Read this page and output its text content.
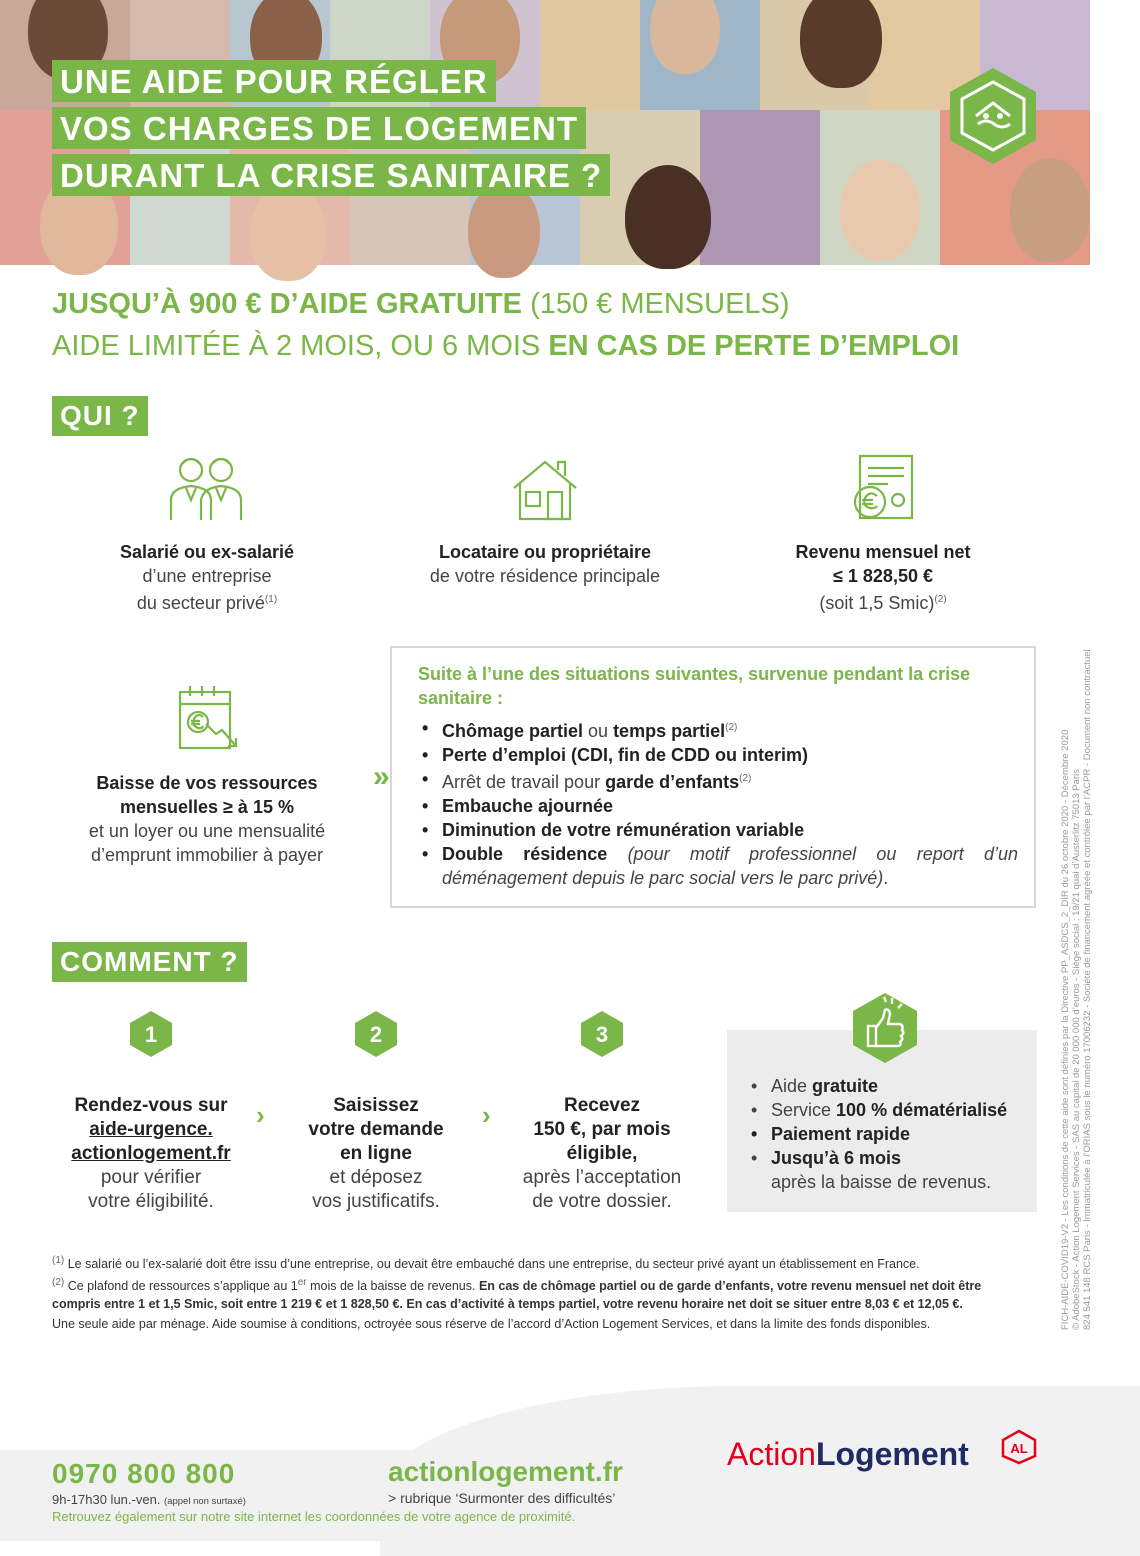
UNE AIDE POUR RÉGLER
VOS CHARGES DE LOGEMENT
DURANT LA CRISE SANITAIRE ?
JUSQU’À 900 € D’AIDE GRATUITE (150 € MENSUELS)
AIDE LIMITÉE À 2 MOIS, OU 6 MOIS EN CAS DE PERTE D’EMPLOI
QUI ?
Salarié ou ex-salarié
d’une entreprise
du secteur privé$^{(1)}$
Locataire ou propriétaire
de votre résidence principale
Revenu mensuel net
≤ 1 828,50 €
(soit 1,5 Smic)$^{(2)}$
Baisse de vos ressources
mensuelles ≥ à 15 %
et un loyer ou une mensualité
d’emprunt immobilier à payer
»
Suite à l’une des situations suivantes, survenue pendant la crise sanitaire :
• Chômage partiel ou temps partiel$^{(2)}$
• Perte d’emploi (CDI, fin de CDD ou interim)
• Arrêt de travail pour garde d’enfants$^{(2)}$
• Embauche ajournée
• Diminution de votre rémunération variable
• Double résidence (pour motif professionnel ou report d’un déménagement depuis le parc social vers le parc privé).
COMMENT ?
1	2	3
Rendez-vous sur
aide-urgence.
actionlogement.fr
pour vérifier
votre éligibilité.
›	Saisissez
votre demande
en ligne
et déposez
vos justificatifs.
›	Recevez
150 €, par mois
éligible,
après l’acceptation
de votre dossier.
• Aide gratuite
• Service 100 % dématérialisé
• Paiement rapide
• Jusqu’à 6 mois
après la baisse de revenus.
$^{(1)}$ Le salarié ou l’ex-salarié doit être issu d’une entreprise, ou devait être embauché dans une entreprise, du secteur privé ayant un établissement en France.
$^{(2)}$ Ce plafond de ressources s’applique au 1er mois de la baisse de revenus. En cas de chômage partiel ou de garde d’enfants, votre revenu mensuel net doit être compris entre 1 et 1,5 Smic, soit entre 1 219 € et 1 828,50 €. En cas d’activité à temps partiel, votre revenu horaire net doit se situer entre 8,03 € et 12,05 €.
Une seule aide par ménage. Aide soumise à conditions, octroyée sous réserve de l’accord d’Action Logement Services, et dans la limite des fonds disponibles.	FICH-AIDE-COVID19-V2 - Les conditions de cette aide sont définies par la Directive PP_ASDCS_2_DIR du 26 octobre 2020 - Décembre 2020 © AdobeStock - Action Logement Services - SAS au capital de 20 000 000 d’euros - Siège social : 19/21 quai d’Austerlitz 75013 Paris 824 541 148 RCS Paris - Immatriculée à l’ORIAS sous le numéro 17006232 - Société de financement agréée et contrôlée par l’ACPR - Document non contractuel
0970 800 800
9h-17h30 lun.-ven. (appel non surtaxé)
actionlogement.fr
> rubrique ‘Surmonter des difficultés’
Retrouvez également sur notre site internet les coordonnées de votre agence de proximité.
ActionLogement	AL
